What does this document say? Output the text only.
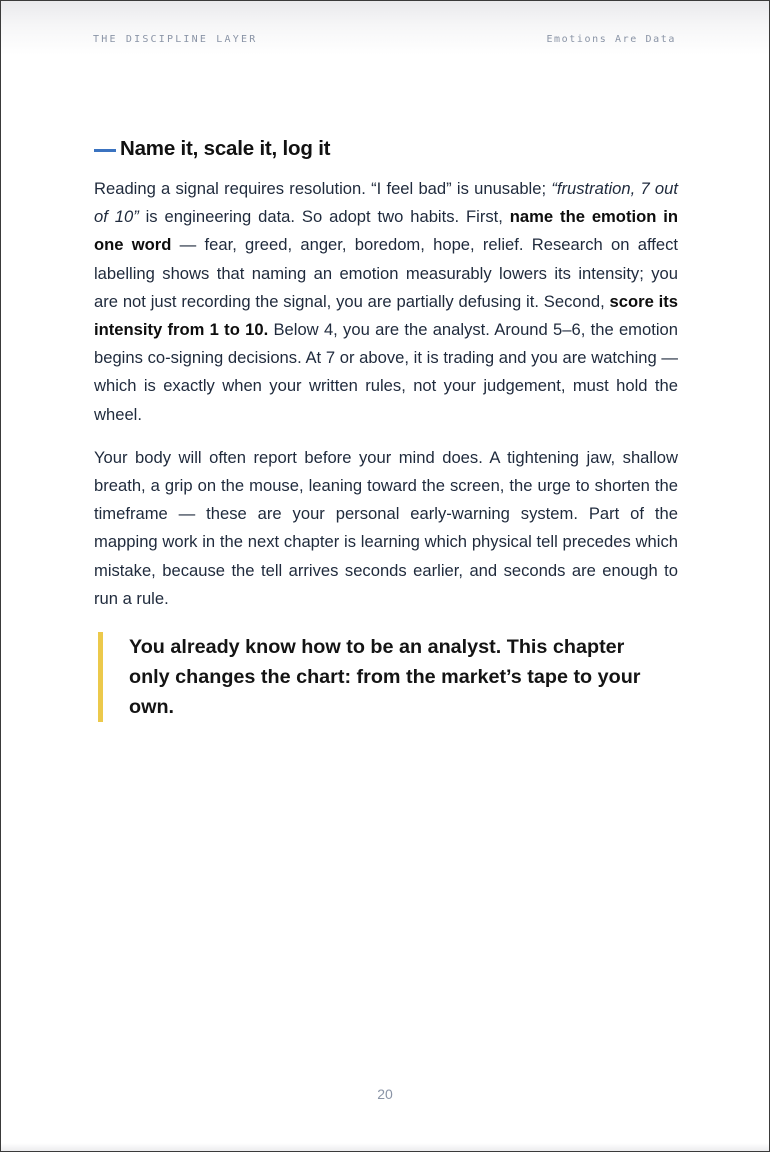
THE DISCIPLINE LAYER	Emotions Are Data
Name it, scale it, log it

Reading a signal requires resolution. “I feel bad” is unusable; “frustration, 7 out of 10” is engineering data. So adopt two habits. First, name the emotion in one word — fear, greed, anger, boredom, hope, relief. Research on affect labelling shows that naming an emotion measurably lowers its intensity; you are not just recording the signal, you are partially defusing it. Second, score its intensity from 1 to 10. Below 4, you are the analyst. Around 5–6, the emotion begins co-signing decisions. At 7 or above, it is trading and you are watching — which is exactly when your written rules, not your judgement, must hold the wheel.

Your body will often report before your mind does. A tightening jaw, shallow breath, a grip on the mouse, leaning toward the screen, the urge to shorten the timeframe — these are your personal early-warning system. Part of the mapping work in the next chapter is learning which physical tell precedes which mistake, because the tell arrives seconds earlier, and seconds are enough to run a rule.

You already know how to be an analyst. This chapter only changes the chart: from the market’s tape to your own.
20
